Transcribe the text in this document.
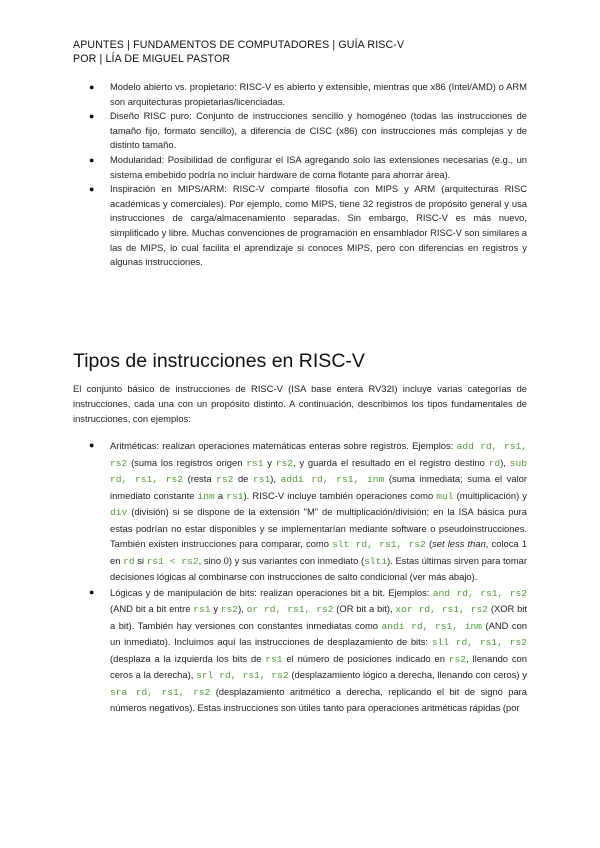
APUNTES | FUNDAMENTOS DE COMPUTADORES | GUÍA RISC-V
POR | LÍA DE MIGUEL PASTOR
● Modelo abierto vs. propietario: RISC-V es abierto y extensible, mientras que x86 (Intel/AMD) o ARM son arquitecturas propietarias/licenciadas.
● Diseño RISC puro: Conjunto de instrucciones sencillo y homogéneo (todas las instrucciones de tamaño fijo, formato sencillo), a diferencia de CISC (x86) con instrucciones más complejas y de distinto tamaño.
● Modularidad: Posibilidad de configurar el ISA agregando solo las extensiones necesarias (e.g., un sistema embebido podría no incluir hardware de coma flotante para ahorrar área).
● Inspiración en MIPS/ARM: RISC-V comparte filosofía con MIPS y ARM (arquitecturas RISC académicas y comerciales). Por ejemplo, como MIPS, tiene 32 registros de propósito general y usa instrucciones de carga/almacenamiento separadas. Sin embargo, RISC-V es más nuevo, simplificado y libre. Muchas convenciones de programación en ensamblador RISC-V son similares a las de MIPS, lo cual facilita el aprendizaje si conoces MIPS, pero con diferencias en registros y algunas instrucciones.
Tipos de instrucciones en RISC-V

El conjunto básico de instrucciones de RISC-V (ISA base entera RV32I) incluye varias categorías de instrucciones, cada una con un propósito distinto. A continuación, describimos los tipos fundamentales de instrucciones, con ejemplos:

● Aritméticas: realizan operaciones matemáticas enteras sobre registros. Ejemplos: add rd, rs1, rs2 (suma los registros origen rs1 y rs2, y guarda el resultado en el registro destino rd), sub rd, rs1, rs2 (resta rs2 de rs1), addi rd, rs1, inm (suma inmediata; suma el valor inmediato constante inm a rs1). RISC-V incluye también operaciones como mul (multiplicación) y div (división) si se dispone de la extensión "M" de multiplicación/división; en la ISA básica pura estas podrían no estar disponibles y se implementarían mediante software o pseudoinstrucciones. También existen instrucciones para comparar, como slt rd, rs1, rs2 (set less than, coloca 1 en rd si rs1 < rs2, sino 0) y sus variantes con inmediato (slti). Estas últimas sirven para tomar decisiones lógicas al combinarse con instrucciones de salto condicional (ver más abajo).
● Lógicas y de manipulación de bits: realizan operaciones bit a bit. Ejemplos: and rd, rs1, rs2 (AND bit a bit entre rs1 y rs2), or rd, rs1, rs2 (OR bit a bit), xor rd, rs1, rs2 (XOR bit a bit). También hay versiones con constantes inmediatas como andi rd, rs1, inm (AND con un inmediato). Incluimos aquí las instrucciones de desplazamiento de bits: sll rd, rs1, rs2 (desplaza a la izquierda los bits de rs1 el número de posiciones indicado en rs2, llenando con ceros a la derecha), srl rd, rs1, rs2 (desplazamiento lógico a derecha, llenando con ceros) y sra rd, rs1, rs2 (desplazamiento aritmético a derecha, replicando el bit de signo para números negativos). Estas instrucciones son útiles tanto para operaciones aritméticas rápidas (por
